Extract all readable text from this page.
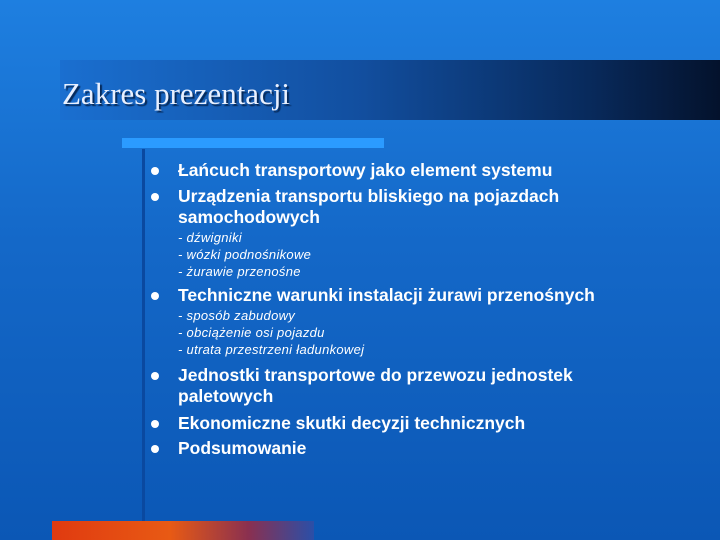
Zakres prezentacji
Łańcuch transportowy jako element systemu
Urządzenia transportu bliskiego na pojazdach
samochodowych
- dźwigniki
- wózki podnośnikowe
- żurawie przenośne
Techniczne warunki instalacji żurawi przenośnych
- sposób zabudowy
- obciążenie osi pojazdu
- utrata przestrzeni ładunkowej
Jednostki transportowe do przewozu jednostek
paletowych
Ekonomiczne skutki decyzji technicznych
Podsumowanie
